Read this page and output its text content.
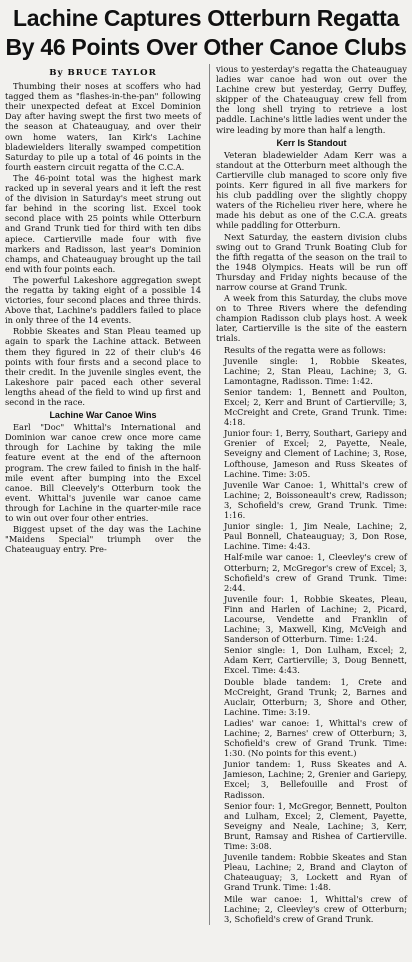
Lachine Captures Otterburn Regatta
By 46 Points Over Other Canoe Clubs
By BRUCE TAYLOR

Thumbing their noses at scoffers who had tagged them as "flashes-in-the-pan" following their unexpected defeat at Excel Dominion Day after having swept the first two meets of the season at Chateauguay, and over their own home waters, Ian Kirk's Lachine bladewielders literally swamped competition Saturday to pile up a total of 46 points in the fourth eastern circuit regatta of the C.C.A.

The 46-point total was the highest mark racked up in several years and it left the rest of the division in Saturday's meet strung out far behind in the scoring list. Excel took second place with 25 points while Otterburn and Grand Trunk tied for third with ten dibs apiece. Cartierville made four with five markers and Radisson, last year's Dominion champs, and Chateauguay brought up the tail end with four points each.

The powerful Lakeshore aggregation swept the regatta by taking eight of a possible 14 victories, four second places and three thirds. Above that, Lachine's paddlers failed to place in only three of the 14 events.

Robbie Skeates and Stan Pleau teamed up again to spark the Lachine attack. Between them they figured in 22 of their club's 46 points with four firsts and a second place to their credit. In the juvenile singles event, the Lakeshore pair paced each other several lengths ahead of the field to wind up first and second in the race.

Lachine War Canoe Wins

Earl "Doc" Whittal's International and Dominion war canoe crew once more came through for Lachine by taking the mile feature event at the end of the afternoon program. The crew failed to finish in the half-mile event after bumping into the Excel canoe. Bill Cleevely's Otterburn took the event. Whittal's juvenile war canoe came through for Lachine in the quarter-mile race to win out over four other entries.

Biggest upset of the day was the Lachine "Maidens Special" triumph over the Chateauguay entry. Pre-

vious to yesterday's regatta the Chateauguay ladies war canoe had won out over the Lachine crew but yesterday, Gerry Duffey, skipper of the Chateauguay crew fell from the long shell trying to retrieve a lost paddle. Lachine's little ladies went under the wire leading by more than half a length.

Kerr Is Standout

Veteran bladewielder Adam Kerr was a standout at the Otterburn meet although the Cartierville club managed to score only five points. Kerr figured in all five markers for his club paddling over the slightly choppy waters of the Richelieu river here, where he made his debut as one of the C.C.A. greats while paddling for Otterburn.

Next Saturday, the eastern division clubs swing out to Grand Trunk Boating Club for the fifth regatta of the season on the trail to the 1948 Olympics. Heats will be run off Thursday and Friday nights because of the narrow course at Grand Trunk.

A week from this Saturday, the clubs move on to Three Rivers where the defending champion Radisson club plays host. A week later, Cartierville is the site of the eastern trials.

Results of the regatta were as follows:

Juvenile single: 1, Robbie Skeates, Lachine; 2, Stan Pleau, Lachine; 3, G. Lamontagne, Radisson. Time: 1:42.

Senior tandem: 1, Bennett and Poulton, Excel; 2, Kerr and Brunt of Cartierville; 3, McCreight and Crete, Grand Trunk. Time: 4:18.

Junior four: 1, Berry, Southart, Gariepy and Grenier of Excel; 2, Payette, Neale, Seveigny and Clement of Lachine; 3, Rose, Lofthouse, Jameson and Russ Skeates of Lachine. Time: 3:05.

Juvenile War Canoe: 1, Whittal's crew of Lachine; 2, Boissoneault's crew, Radisson; 3, Schofield's crew, Grand Trunk. Time: 1:16.

Junior single: 1, Jim Neale, Lachine; 2, Paul Bonnell, Chateauguay; 3, Don Rose, Lachine. Time: 4:43.

Half-mile war canoe: 1, Cleevley's crew of Otterburn; 2, McGregor's crew of Excel; 3, Schofield's crew of Grand Trunk. Time: 2:44.

Juvenile four: 1, Robbie Skeates, Pleau, Finn and Harlen of Lachine; 2, Picard, Lacourse, Vendette and Franklin of Lachine; 3, Maxwell, King, McVeigh and Sanderson of Otterburn. Time: 1:24.

Senior single: 1, Don Lulham, Excel; 2, Adam Kerr, Cartierville; 3, Doug Bennett, Excel. Time: 4:43.

Double blade tandem: 1, Crete and McCreight, Grand Trunk; 2, Barnes and Auclair, Otterburn; 3, Shore and Other, Lachine. Time: 3:19.

Ladies' war canoe: 1, Whittal's crew of Lachine; 2, Barnes' crew of Otterburn; 3, Schofield's crew of Grand Trunk. Time: 1:30. (No points for this event.)

Junior tandem: 1, Russ Skeates and A. Jamieson, Lachine; 2, Grenier and Gariepy, Excel; 3, Bellefouille and Frost of Radisson.

Senior four: 1, McGregor, Bennett, Poulton and Lulham, Excel; 2, Clement, Payette, Seveigny and Neale, Lachine; 3, Kerr, Brunt, Ramsay and Rishea of Cartierville. Time: 3:08.

Juvenile tandem: Robbie Skeates and Stan Pleau, Lachine; 2, Brand and Clayton of Chateauguay; 3, Lockett and Ryan of Grand Trunk. Time: 1:48.

Mile war canoe: 1, Whittal's crew of Lachine; 2, Cleevley's crew of Otterburn; 3, Schofield's crew of Grand Trunk.
